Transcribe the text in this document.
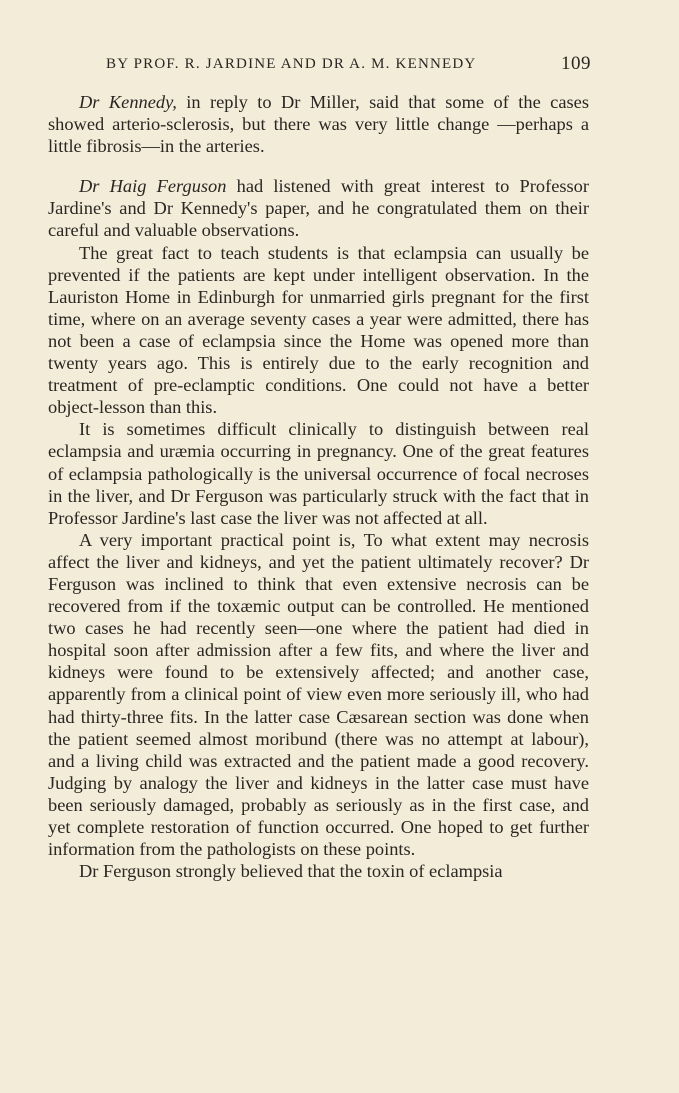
BY PROF. R. JARDINE AND DR A. M. KENNEDY	109

Dr Kennedy, in reply to Dr Miller, said that some of the cases showed arterio-sclerosis, but there was very little change —perhaps a little fibrosis—in the arteries.

Dr Haig Ferguson had listened with great interest to Professor Jardine's and Dr Kennedy's paper, and he congratulated them on their careful and valuable observations.

The great fact to teach students is that eclampsia can usually be prevented if the patients are kept under intelligent observation. In the Lauriston Home in Edinburgh for unmarried girls pregnant for the first time, where on an average seventy cases a year were admitted, there has not been a case of eclampsia since the Home was opened more than twenty years ago. This is entirely due to the early recognition and treatment of pre-eclamptic conditions. One could not have a better object-lesson than this.

It is sometimes difficult clinically to distinguish between real eclampsia and uræmia occurring in pregnancy. One of the great features of eclampsia pathologically is the universal occurrence of focal necroses in the liver, and Dr Ferguson was particularly struck with the fact that in Professor Jardine's last case the liver was not affected at all.

A very important practical point is, To what extent may necrosis affect the liver and kidneys, and yet the patient ultimately recover? Dr Ferguson was inclined to think that even extensive necrosis can be recovered from if the toxæmic output can be controlled. He mentioned two cases he had recently seen—one where the patient had died in hospital soon after admission after a few fits, and where the liver and kidneys were found to be extensively affected; and another case, apparently from a clinical point of view even more seriously ill, who had had thirty-three fits. In the latter case Cæsarean section was done when the patient seemed almost moribund (there was no attempt at labour), and a living child was extracted and the patient made a good recovery. Judging by analogy the liver and kidneys in the latter case must have been seriously damaged, probably as seriously as in the first case, and yet complete restoration of function occurred. One hoped to get further information from the pathologists on these points.

Dr Ferguson strongly believed that the toxin of eclampsia
